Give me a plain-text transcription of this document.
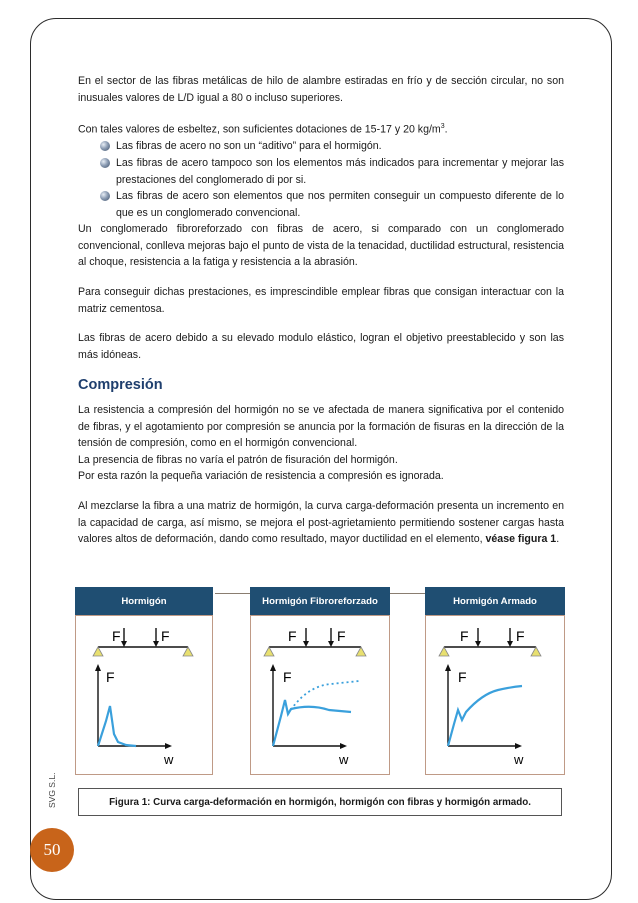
En el sector de las fibras metálicas de hilo de alambre estiradas en frío y de sección circular, no son inusuales valores de L/D igual a 80 o incluso superiores.

Con tales valores de esbeltez, son suficientes dotaciones de 15-17 y 20 $kg/m^3$.

Las fibras de acero no son un “aditivo” para el hormigón.
Las fibras de acero tampoco son los elementos más indicados para incrementar y mejorar las prestaciones del conglomerado di por si.
Las fibras de acero son elementos que nos permiten conseguir un compuesto diferente de lo que es un conglomerado convencional.

Un conglomerado fibroreforzado con fibras de acero, si comparado con un conglomerado convencional, conlleva mejoras bajo el punto de vista de la tenacidad, ductilidad estructural, resistencia al choque, resistencia a la fatiga y resistencia a la abrasión.

Para conseguir dichas prestaciones, es imprescindible emplear fibras que consigan interactuar con la matriz cementosa.

Las fibras de acero debido a su elevado modulo elástico, logran el objetivo preestablecido y son las más idóneas.

Compresión

La resistencia a compresión del hormigón no se ve afectada de manera significativa por el contenido de fibras, y el agotamiento por compresión se anuncia por la formación de fisuras en la dirección de la tensión de compresión, como en el hormigón convencional.

La presencia de fibras no varía el patrón de fisuración del hormigón.

Por esta razón la pequeña variación de resistencia a compresión es ignorada.

Al mezclarse la fibra a una matriz de hormigón, la curva carga-deformación presenta un incremento en la capacidad de carga, así mismo, se mejora el post-agrietamiento permitiendo sostener cargas hasta valores altos de deformación, dando como resultado, mayor ductilidad en el elemento, véase figura 1.

Hormigón	Hormigón Fibroreforzado	Hormigón Armado
F	F
F
w
F	F
F
w
F	F
F
w
Figura 1: Curva carga-deformación en hormigón, hormigón con fibras y hormigón armado.
SVG S.L.
50
